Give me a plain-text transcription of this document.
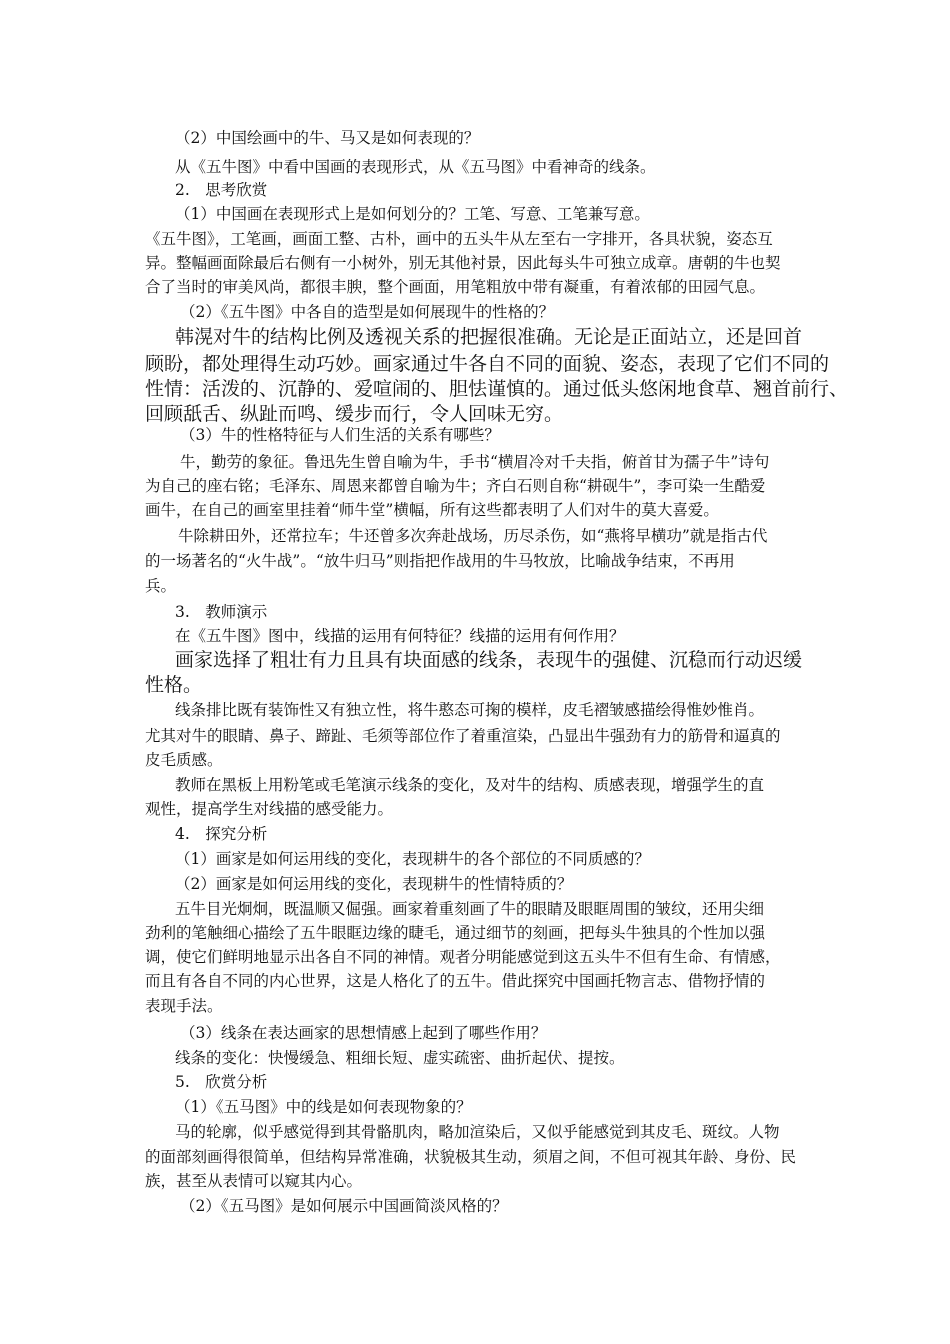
（2）中国绘画中的牛、马又是如何表现的？
从《五牛图》中看中国画的表现形式，从《五马图》中看神奇的线条。
2.　思考欣赏
（1）中国画在表现形式上是如何划分的？工笔、写意、工笔兼写意。
《五牛图》，工笔画，画面工整、古朴，画中的五头牛从左至右一字排开，各具状貌，姿态互
异。整幅画面除最后右侧有一小树外，别无其他衬景，因此每头牛可独立成章。唐朝的牛也契
合了当时的审美风尚，都很丰腴，整个画面，用笔粗放中带有凝重，有着浓郁的田园气息。
（2）《五牛图》中各自的造型是如何展现牛的性格的？
韩滉对牛的结构比例及透视关系的把握很准确。无论是正面站立，还是回首
顾盼，都处理得生动巧妙。画家通过牛各自不同的面貌、姿态，表现了它们不同的
性情：活泼的、沉静的、爱喧闹的、胆怯谨慎的。通过低头悠闲地食草、翘首前行、
回顾舐舌、纵趾而鸣、缓步而行，令人回味无穷。
（3）牛的性格特征与人们生活的关系有哪些？
牛，勤劳的象征。鲁迅先生曾自喻为牛，手书“横眉冷对千夫指，俯首甘为孺子牛”诗句
为自己的座右铭；毛泽东、周恩来都曾自喻为牛；齐白石则自称“耕砚牛”，李可染一生酷爱
画牛，在自己的画室里挂着“师牛堂”横幅，所有这些都表明了人们对牛的莫大喜爱。
牛除耕田外，还常拉车；牛还曾多次奔赴战场，历尽杀伤，如“燕将早横功”就是指古代
的一场著名的“火牛战”。“放牛归马”则指把作战用的牛马牧放，比喻战争结束，不再用
兵。
3.　教师演示
在《五牛图》图中，线描的运用有何特征？线描的运用有何作用？
画家选择了粗壮有力且具有块面感的线条，表现牛的强健、沉稳而行动迟缓
性格。
线条排比既有装饰性又有独立性，将牛憨态可掬的模样，皮毛褶皱感描绘得惟妙惟肖。
尤其对牛的眼睛、鼻子、蹄趾、毛须等部位作了着重渲染，凸显出牛强劲有力的筋骨和逼真的
皮毛质感。
教师在黑板上用粉笔或毛笔演示线条的变化，及对牛的结构、质感表现，增强学生的直
观性，提高学生对线描的感受能力。
4.　探究分析
（1）画家是如何运用线的变化，表现耕牛的各个部位的不同质感的？
（2）画家是如何运用线的变化，表现耕牛的性情特质的？
五牛目光炯炯，既温顺又倔强。画家着重刻画了牛的眼睛及眼眶周围的皱纹，还用尖细
劲利的笔触细心描绘了五牛眼眶边缘的睫毛，通过细节的刻画，把每头牛独具的个性加以强
调，使它们鲜明地显示出各自不同的神情。观者分明能感觉到这五头牛不但有生命、有情感，
而且有各自不同的内心世界，这是人格化了的五牛。借此探究中国画托物言志、借物抒情的
表现手法。
（3）线条在表达画家的思想情感上起到了哪些作用？
线条的变化：快慢缓急、粗细长短、虚实疏密、曲折起伏、提按。
5.　欣赏分析
（1）《五马图》中的线是如何表现物象的？
马的轮廓，似乎感觉得到其骨骼肌肉，略加渲染后，又似乎能感觉到其皮毛、斑纹。人物
的面部刻画得很简单，但结构异常准确，状貌极其生动，须眉之间，不但可视其年龄、身份、民
族，甚至从表情可以窥其内心。
（2）《五马图》是如何展示中国画简淡风格的？
